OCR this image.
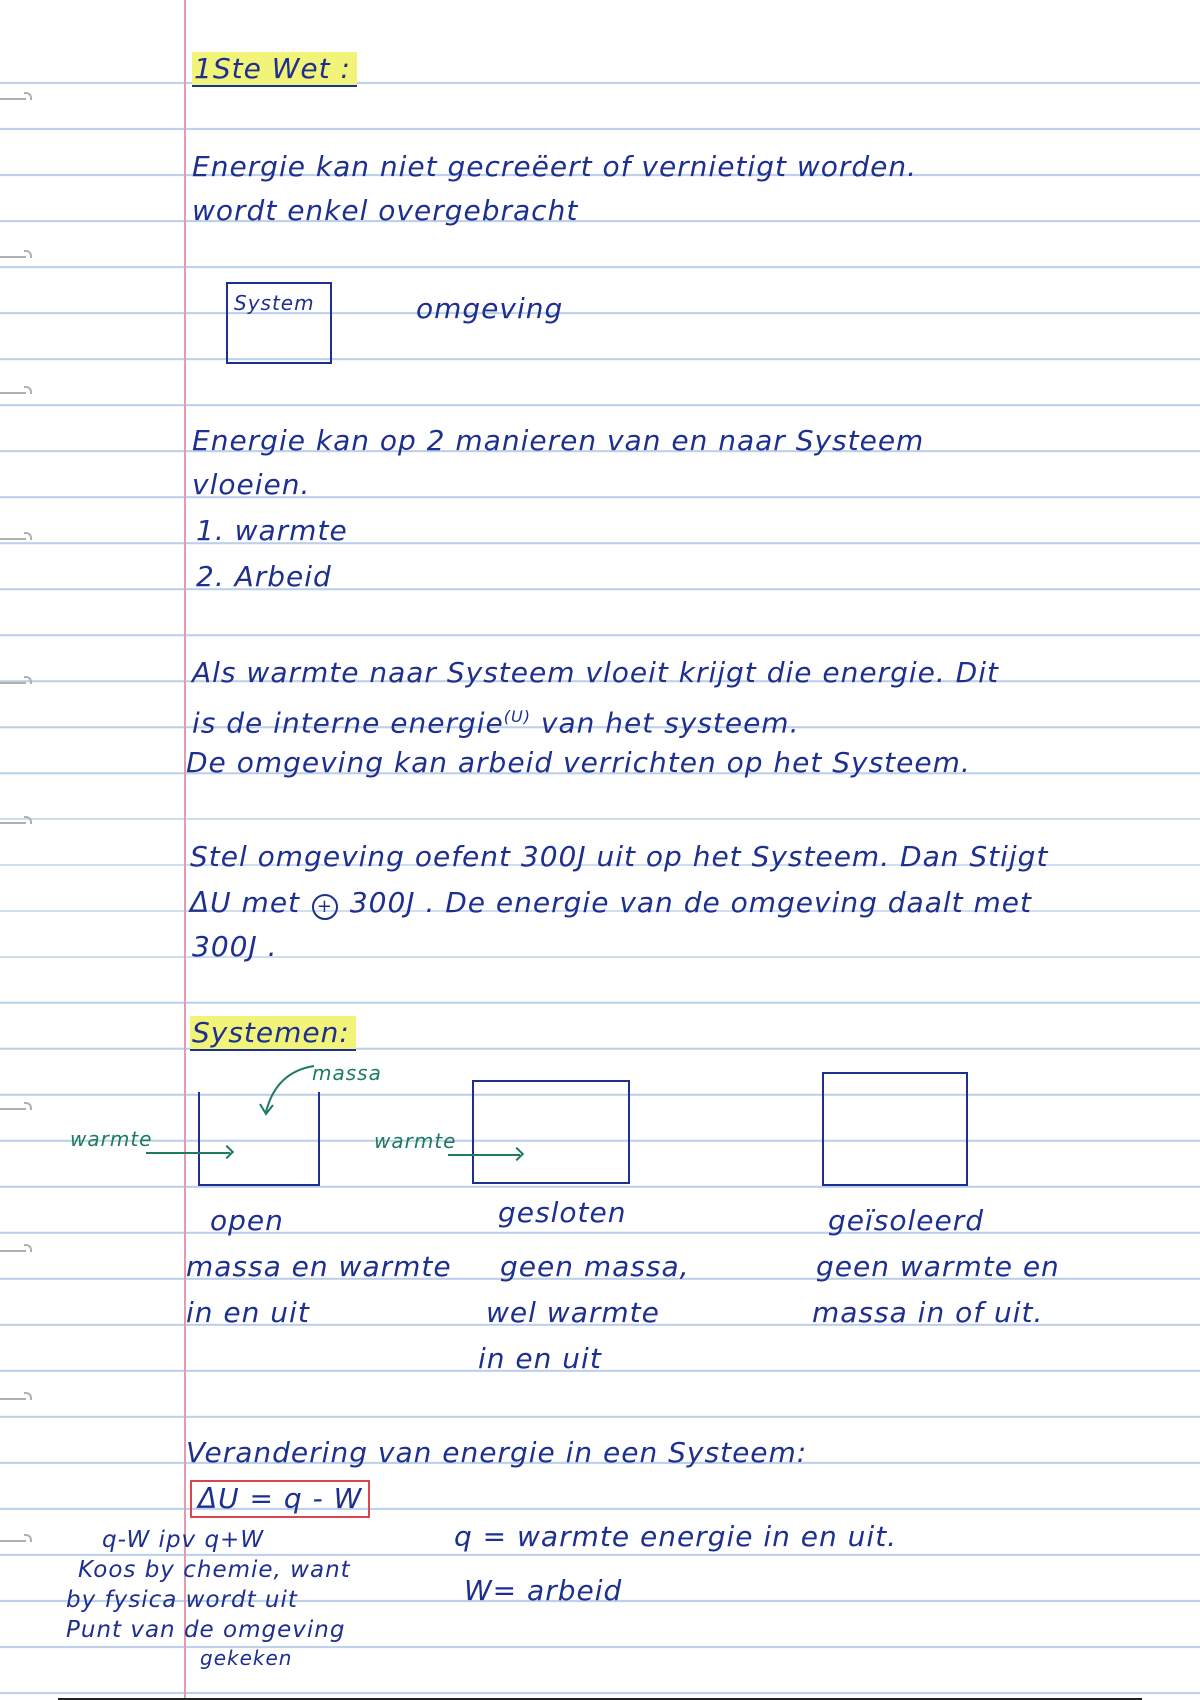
1Ste Wet :

Energie kan niet gecreëert of vernietigt worden.

wordt enkel overgebracht

System	omgeving

Energie kan op 2 manieren van en naar Systeem

vloeien.

1. warmte

2. Arbeid

Als warmte naar Systeem vloeit krijgt die energie. Dit

is de interne energie$^{(U)}$ van het systeem.

De omgeving kan arbeid verrichten op het Systeem.

Stel omgeving oefent 300J uit op het Systeem. Dan Stijgt

ΔU met + 300J . De energie van de omgeving daalt met

300J .

Systemen:

massa

warmte	warmte

open

massa en warmte

in en uit

gesloten

geen massa,

wel warmte

in en uit

geïsoleerd

geen warmte en

massa in of uit.

Verandering van energie in een Systeem:

ΔU = q - W

q = warmte energie in en uit.

W= arbeid

q-W ipv q+W

Koos by chemie, want

by fysica wordt uit

Punt van de omgeving

gekeken
